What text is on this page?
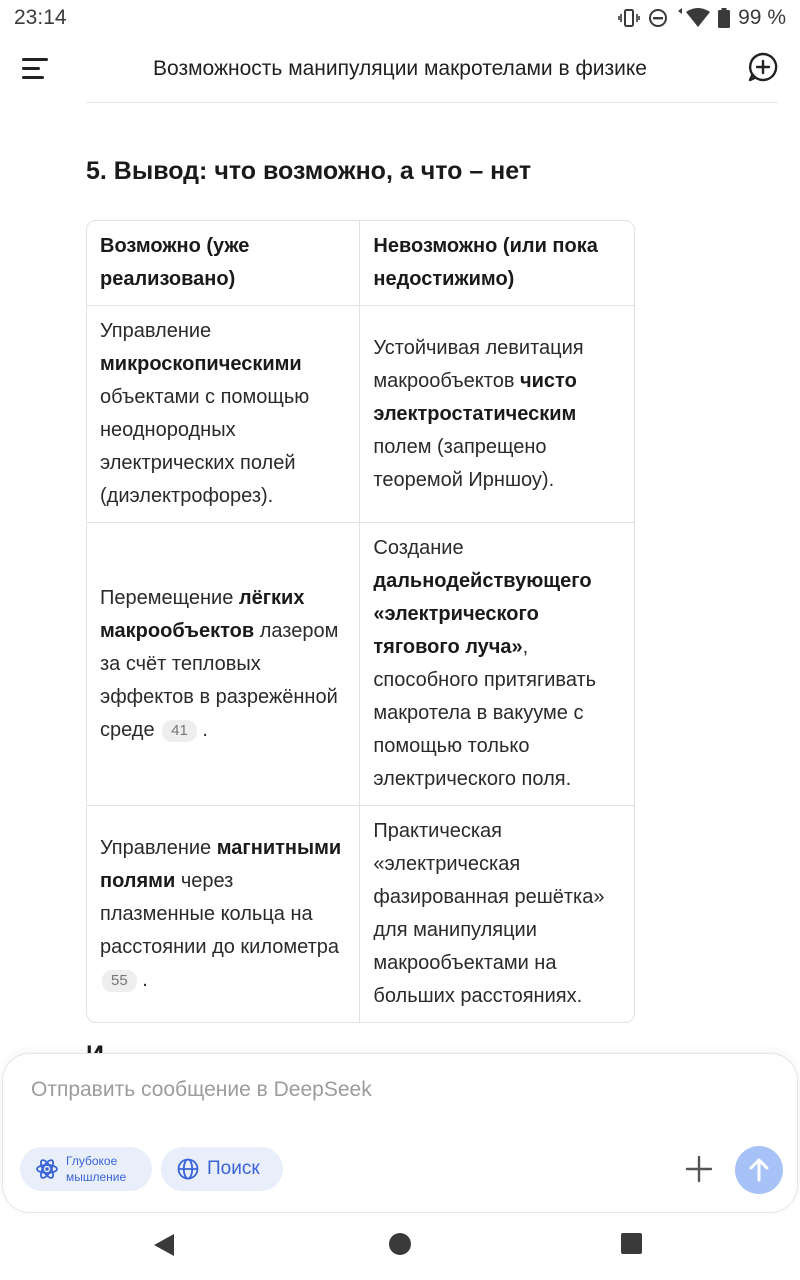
23:14	99 %
Возможность манипуляции макротелами в физике
5. Вывод: что возможно, а что – нет
Возможно (уже реализовано)	Невозможно (или пока недостижимо)
Управление микроскопическими объектами с помощью неоднородных электрических полей (диэлектрофорез).	Устойчивая левитация макрообъектов чисто электростатическим полем (запрещено теоремой Ирншоу).
Перемещение лёгких макрообъектов лазером за счёт тепловых эффектов в разрежённой среде 41 .	Создание дальнодействующего «электрического тягового луча», способного притягивать макротела в вакууме с помощью только электрического поля.
Управление магнитными полями через плазменные кольца на расстоянии до километра 55 .	Практическая «электрическая фазированная решётка» для манипуляции макрообъектами на больших расстояниях.
Отправить сообщение в DeepSeek
Глубокое мышление	Поиск
